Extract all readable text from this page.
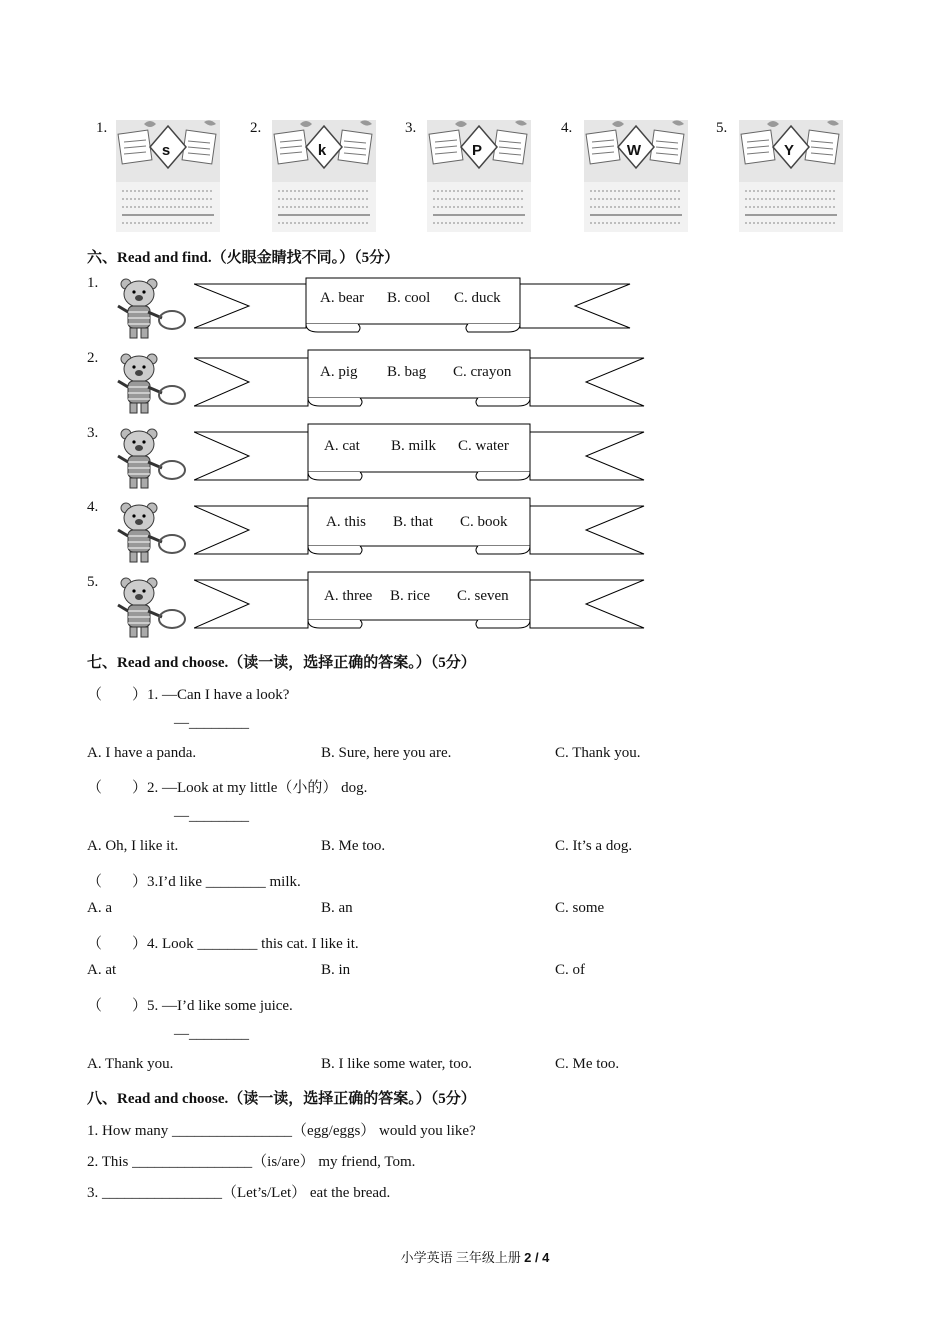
1.	2.	3.	4.	5.
s	k	P	W	Y
六、Read and find.（火眼金睛找不同。）（5分）
1.
A. bear B. cool C. duck
2.
A. pig B. bag C. crayon
3.
A. cat B. milk C. water
4.
A. this B. that C. book
5.
A. three B. rice C. seven
七、Read and choose.（读一读，选择正确的答案。）（5分）
（　　）1. —Can I have a look?
—________
A. I have a panda.	B. Sure, here you are.	C. Thank you.
（　　）2. —Look at my little（小的） dog.
—________
A. Oh, I like it.	B. Me too.	C. It’s a dog.
（　　）3.I’d like ________ milk.
A. a	B. an	C. some
（　　）4. Look ________ this cat. I like it.
A. at	B. in	C. of
（　　）5. —I’d like some juice.
—________
A. Thank you.	B. I like some water, too.	C. Me too.
八、Read and choose.（读一读，选择正确的答案。）（5分）
1. How many ________________（egg/eggs） would you like?
2. This ________________（is/are） my friend, Tom.
3. ________________（Let’s/Let） eat the bread.
小学英语 三年级上册 2 / 4
